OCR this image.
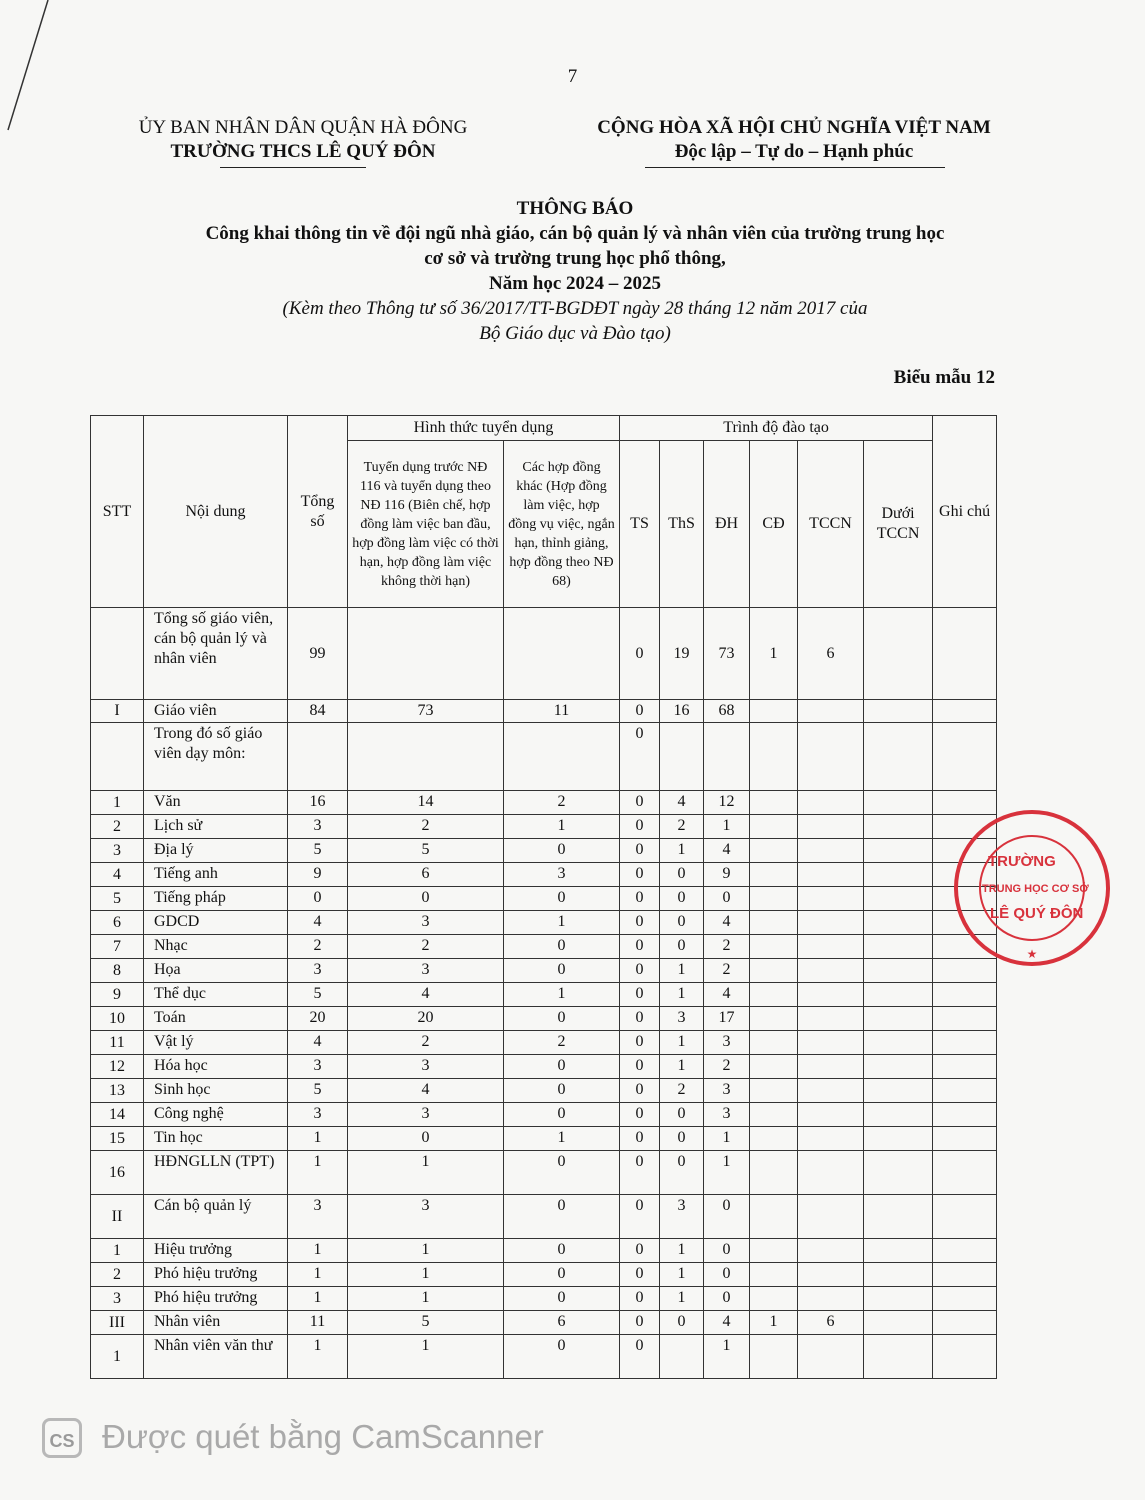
7
ỦY BAN NHÂN DÂN QUẬN HÀ ĐÔNG
TRƯỜNG THCS LÊ QUÝ ĐÔN
CỘNG HÒA XÃ HỘI CHỦ NGHĨA VIỆT NAM
Độc lập – Tự do – Hạnh phúc
THÔNG BÁO
Công khai thông tin về đội ngũ nhà giáo, cán bộ quản lý và nhân viên của trường trung học
cơ sở và trường trung học phổ thông,
Năm học 2024 – 2025
(Kèm theo Thông tư số 36/2017/TT-BGDĐT ngày 28 tháng 12 năm 2017 của
Bộ Giáo dục và Đào tạo)
Biểu mẫu 12
STT	Nội dung	Tổng số	Hình thức tuyển dụng		Trình độ đào tạo						Ghi chú
			Tuyển dụng trước NĐ 116 và tuyển dụng theo NĐ 116 (Biên chế, hợp đồng làm việc ban đầu, hợp đồng làm việc có thời hạn, hợp đồng làm việc không thời hạn)	Các hợp đồng khác (Hợp đồng làm việc, hợp đồng vụ việc, ngắn hạn, thỉnh giảng, hợp đồng theo NĐ 68)	TS	ThS	ĐH	CĐ	TCCN	Dưới TCCN	
	Tổng số giáo viên, cán bộ quản lý và nhân viên	99			0	19	73	1	6		
I	Giáo viên	84	73	11	0	16	68				
	Trong đó số giáo viên dạy môn:				0						
1	Văn	16	14	2	0	4	12				
2	Lịch sử	3	2	1	0	2	1				
3	Địa lý	5	5	0	0	1	4				
4	Tiếng anh	9	6	3	0	0	9				
5	Tiếng pháp	0	0	0	0	0	0				
6	GDCD	4	3	1	0	0	4				
7	Nhạc	2	2	0	0	0	2				
8	Họa	3	3	0	0	1	2				
9	Thể dục	5	4	1	0	1	4				
10	Toán	20	20	0	0	3	17				
11	Vật lý	4	2	2	0	1	3				
12	Hóa học	3	3	0	0	1	2				
13	Sinh học	5	4	0	0	2	3				
14	Công nghệ	3	3	0	0	0	3				
15	Tin học	1	0	1	0	0	1				
16	HĐNGLLN (TPT)	1	1	0	0	0	1				
II	Cán bộ quản lý	3	3	0	0	3	0				
1	Hiệu trưởng	1	1	0	0	1	0				
2	Phó hiệu trưởng	1	1	0	0	1	0				
3	Phó hiệu trưởng	1	1	0	0	1	0				
III	Nhân viên	11	5	6	0	0	4	1	6		
1	Nhân viên văn thư	1	1	0	0		1				
TRƯỜNG
TRUNG HỌC CƠ SỞ
LÊ QUÝ ĐÔN
★
CS Được quét bằng CamScanner
